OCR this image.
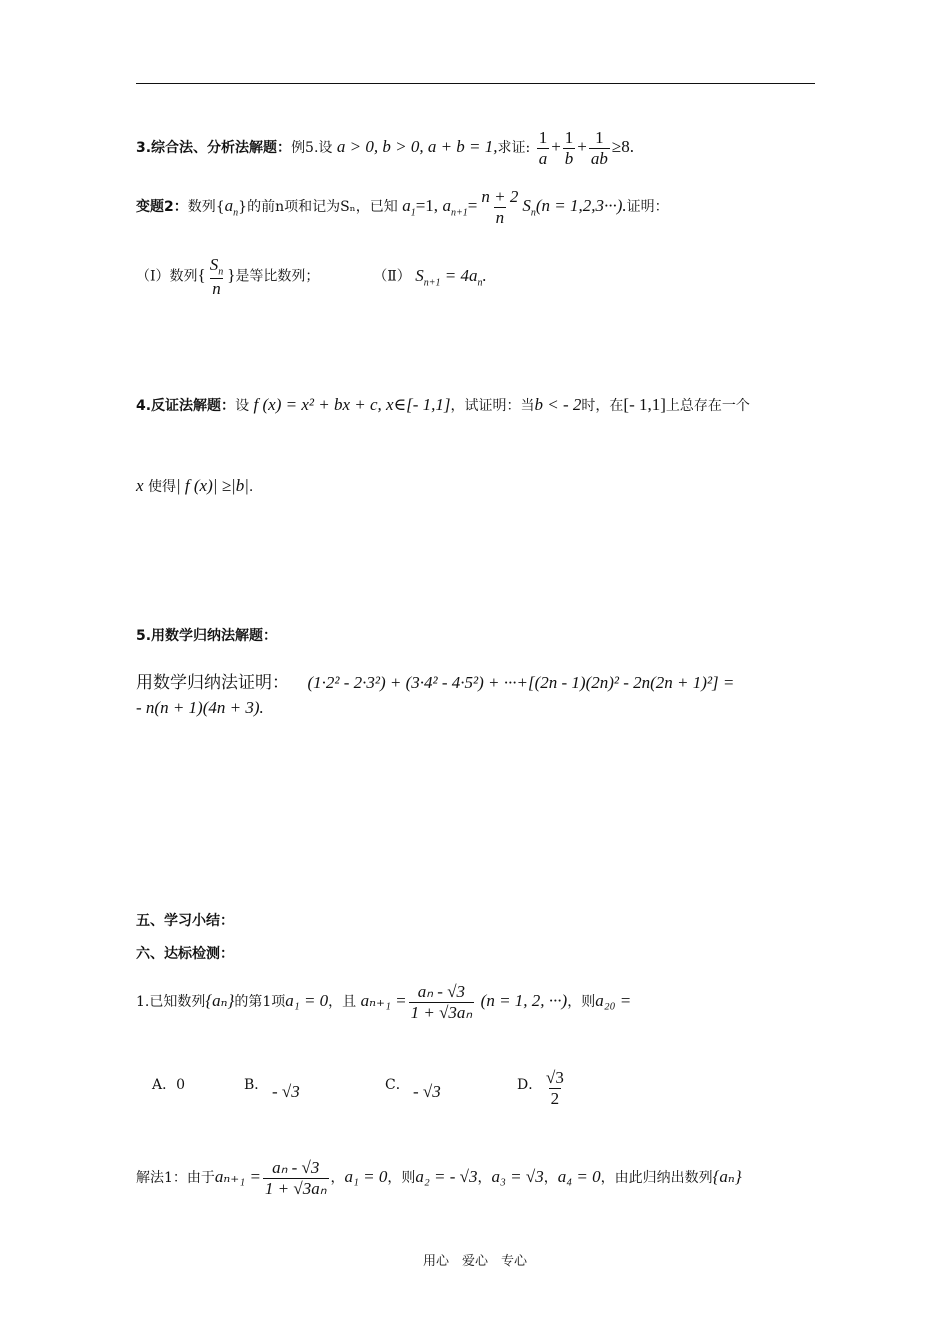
3.综合法、分析法解题：例5.设 a > 0, b > 0, a + b = 1,求证: $\frac{1}{a} + \frac{1}{b} + \frac{1}{ab} \ge 8$.
变题2：数列$\{a_n\}$的前n项和记为Sₙ，已知 $a_1=1$, $a_{n+1}= \frac{n + 2}{n} S_n(n = 1,2,3\cdot\cdot\cdot)$.证明：
（Ⅰ）数列{ $\frac{S_n}{n}$ }是等比数列；	（Ⅱ） $S_{n+1} = 4a_n$.
4.反证法解题：设 f (x) = x² + bx + c, x∈[- 1,1]，试证明：当b < - 2时，在[- 1,1]上总存在一个
x 使得| f (x)| ≥|b|.
5.用数学归纳法解题：
用数学归纳法证明： (1·2² - 2·3²) + (3·4² - 4·5²) + ···+[(2n - 1)(2n)² - 2n(2n + 1)²] =
- n(n + 1)(4n + 3).
五、学习小结：
六、达标检测：
1.已知数列{aₙ}的第1项a₁ = 0，且 $a_{n+1} = \frac{\text{aₙ - √3}}{\text{1 + √3aₙ}} (n = 1$, 2, ···)，则a₂₀ =
A．0	B． - √3	C． - √3	D． $\frac{√3}{2}$
解法1：由于$a_{n+1} = \frac{\text{aₙ - √3}}{\text{1 + √3aₙ}}$ ，a₁ = 0，则a₂ = - √3，a₃ = √3，a₄ = 0，由此归纳出数列{aₙ}
用心　爱心　专心
